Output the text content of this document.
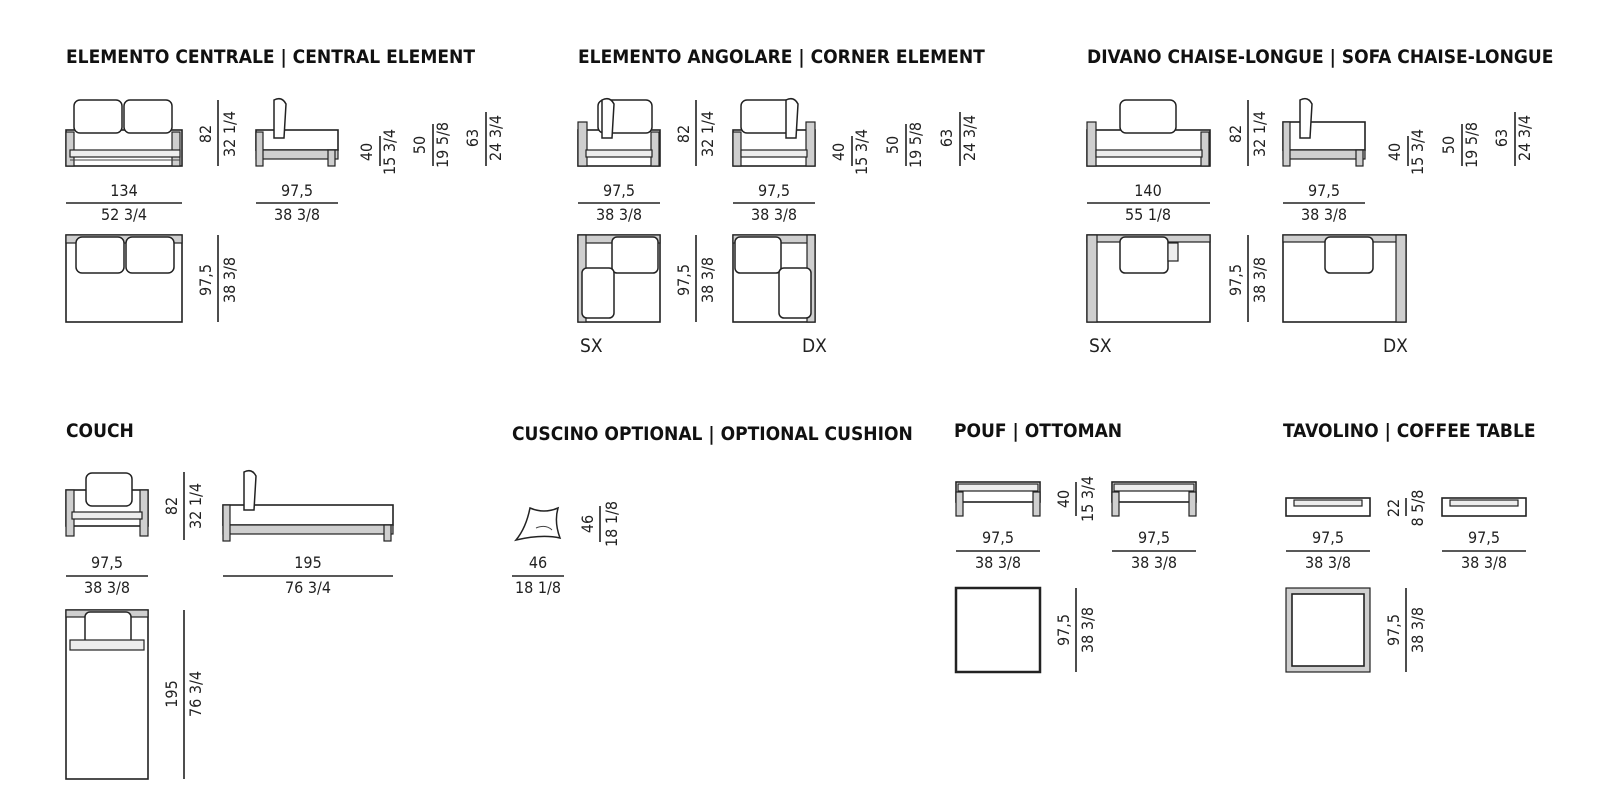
ELEMENTO CENTRALE | CENTRAL ELEMENT	ELEMENTO ANGOLARE | CORNER ELEMENT	DIVANO CHAISE-LONGUE | SOFA CHAISE-LONGUE
COUCH	CUSCINO OPTIONAL | OPTIONAL CUSHION POUF | OTTOMAN	TAVOLINO | COFFEE TABLE
134
52 3/4
97,5
38 3/8
82 32 1/4
97,5 38 3/8
40 15 3/4 50 19 5/8 63 24 3/4
97,5
38 3/8
97,5
38 3/8
82 32 1/4
97,5 38 3/8
40 15 3/4 50 19 5/8 63 24 3/4
SX	DX
140
55 1/8
97,5
38 3/8
82 32 1/4
97,5 38 3/8
40 15 3/4 50 19 5/8 63 24 3/4
SX	DX
97,5
38 3/8
195
76 3/4
82 32 1/4
195 76 3/4
46
18 1/8
46 18 1/8	97,5
38 3/8
97,5
38 3/8
40 15 3/4
97,5 38 3/8
97,5
38 3/8
97,5
38 3/8
22 8 5/8
97,5 38 3/8
